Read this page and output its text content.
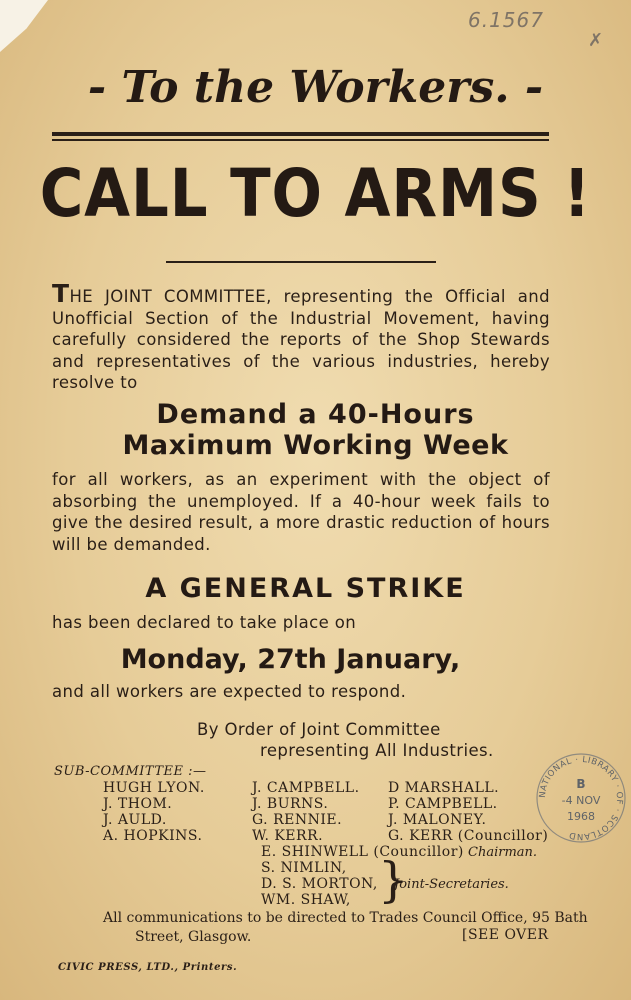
6.1567
✗
- To the Workers. -
CALL TO ARMS !
THE JOINT COMMITTEE, representing the Official and Unofficial Section of the Industrial Movement, having carefully considered the reports of the Shop Stewards and representatives of the various industries, hereby resolve to
Demand a 40-Hours
Maximum Working Week
for all workers, as an experiment with the object of absorbing the unemployed. If a 40-hour week fails to give the desired result, a more drastic reduction of hours will be demanded.
A GENERAL STRIKE
has been declared to take place on
Monday, 27th January,
and all workers are expected to respond.
By Order of Joint Committee
representing All Industries.
SUB-COMMITTEE :—
HUGH LYON.
J. THOM.
J. AULD.
A. HOPKINS.
J. CAMPBELL.
J. BURNS.
G. RENNIE.
W. KERR.
D MARSHALL.
P. CAMPBELL.
J. MALONEY.
G. KERR (Councillor)
E. SHINWELL (Councillor) Chairman.
S. NIMLIN,
D. S. MORTON,
WM. SHAW, }
Joint-Secretaries.
All communications to be directed to Trades Council Office, 95 Bath
Street, Glasgow.	[SEE OVER
CIVIC PRESS, LTD., Printers.
NATIONAL · LIBRARY · OF · SCOTLAND
B
-4 NOV
1968
